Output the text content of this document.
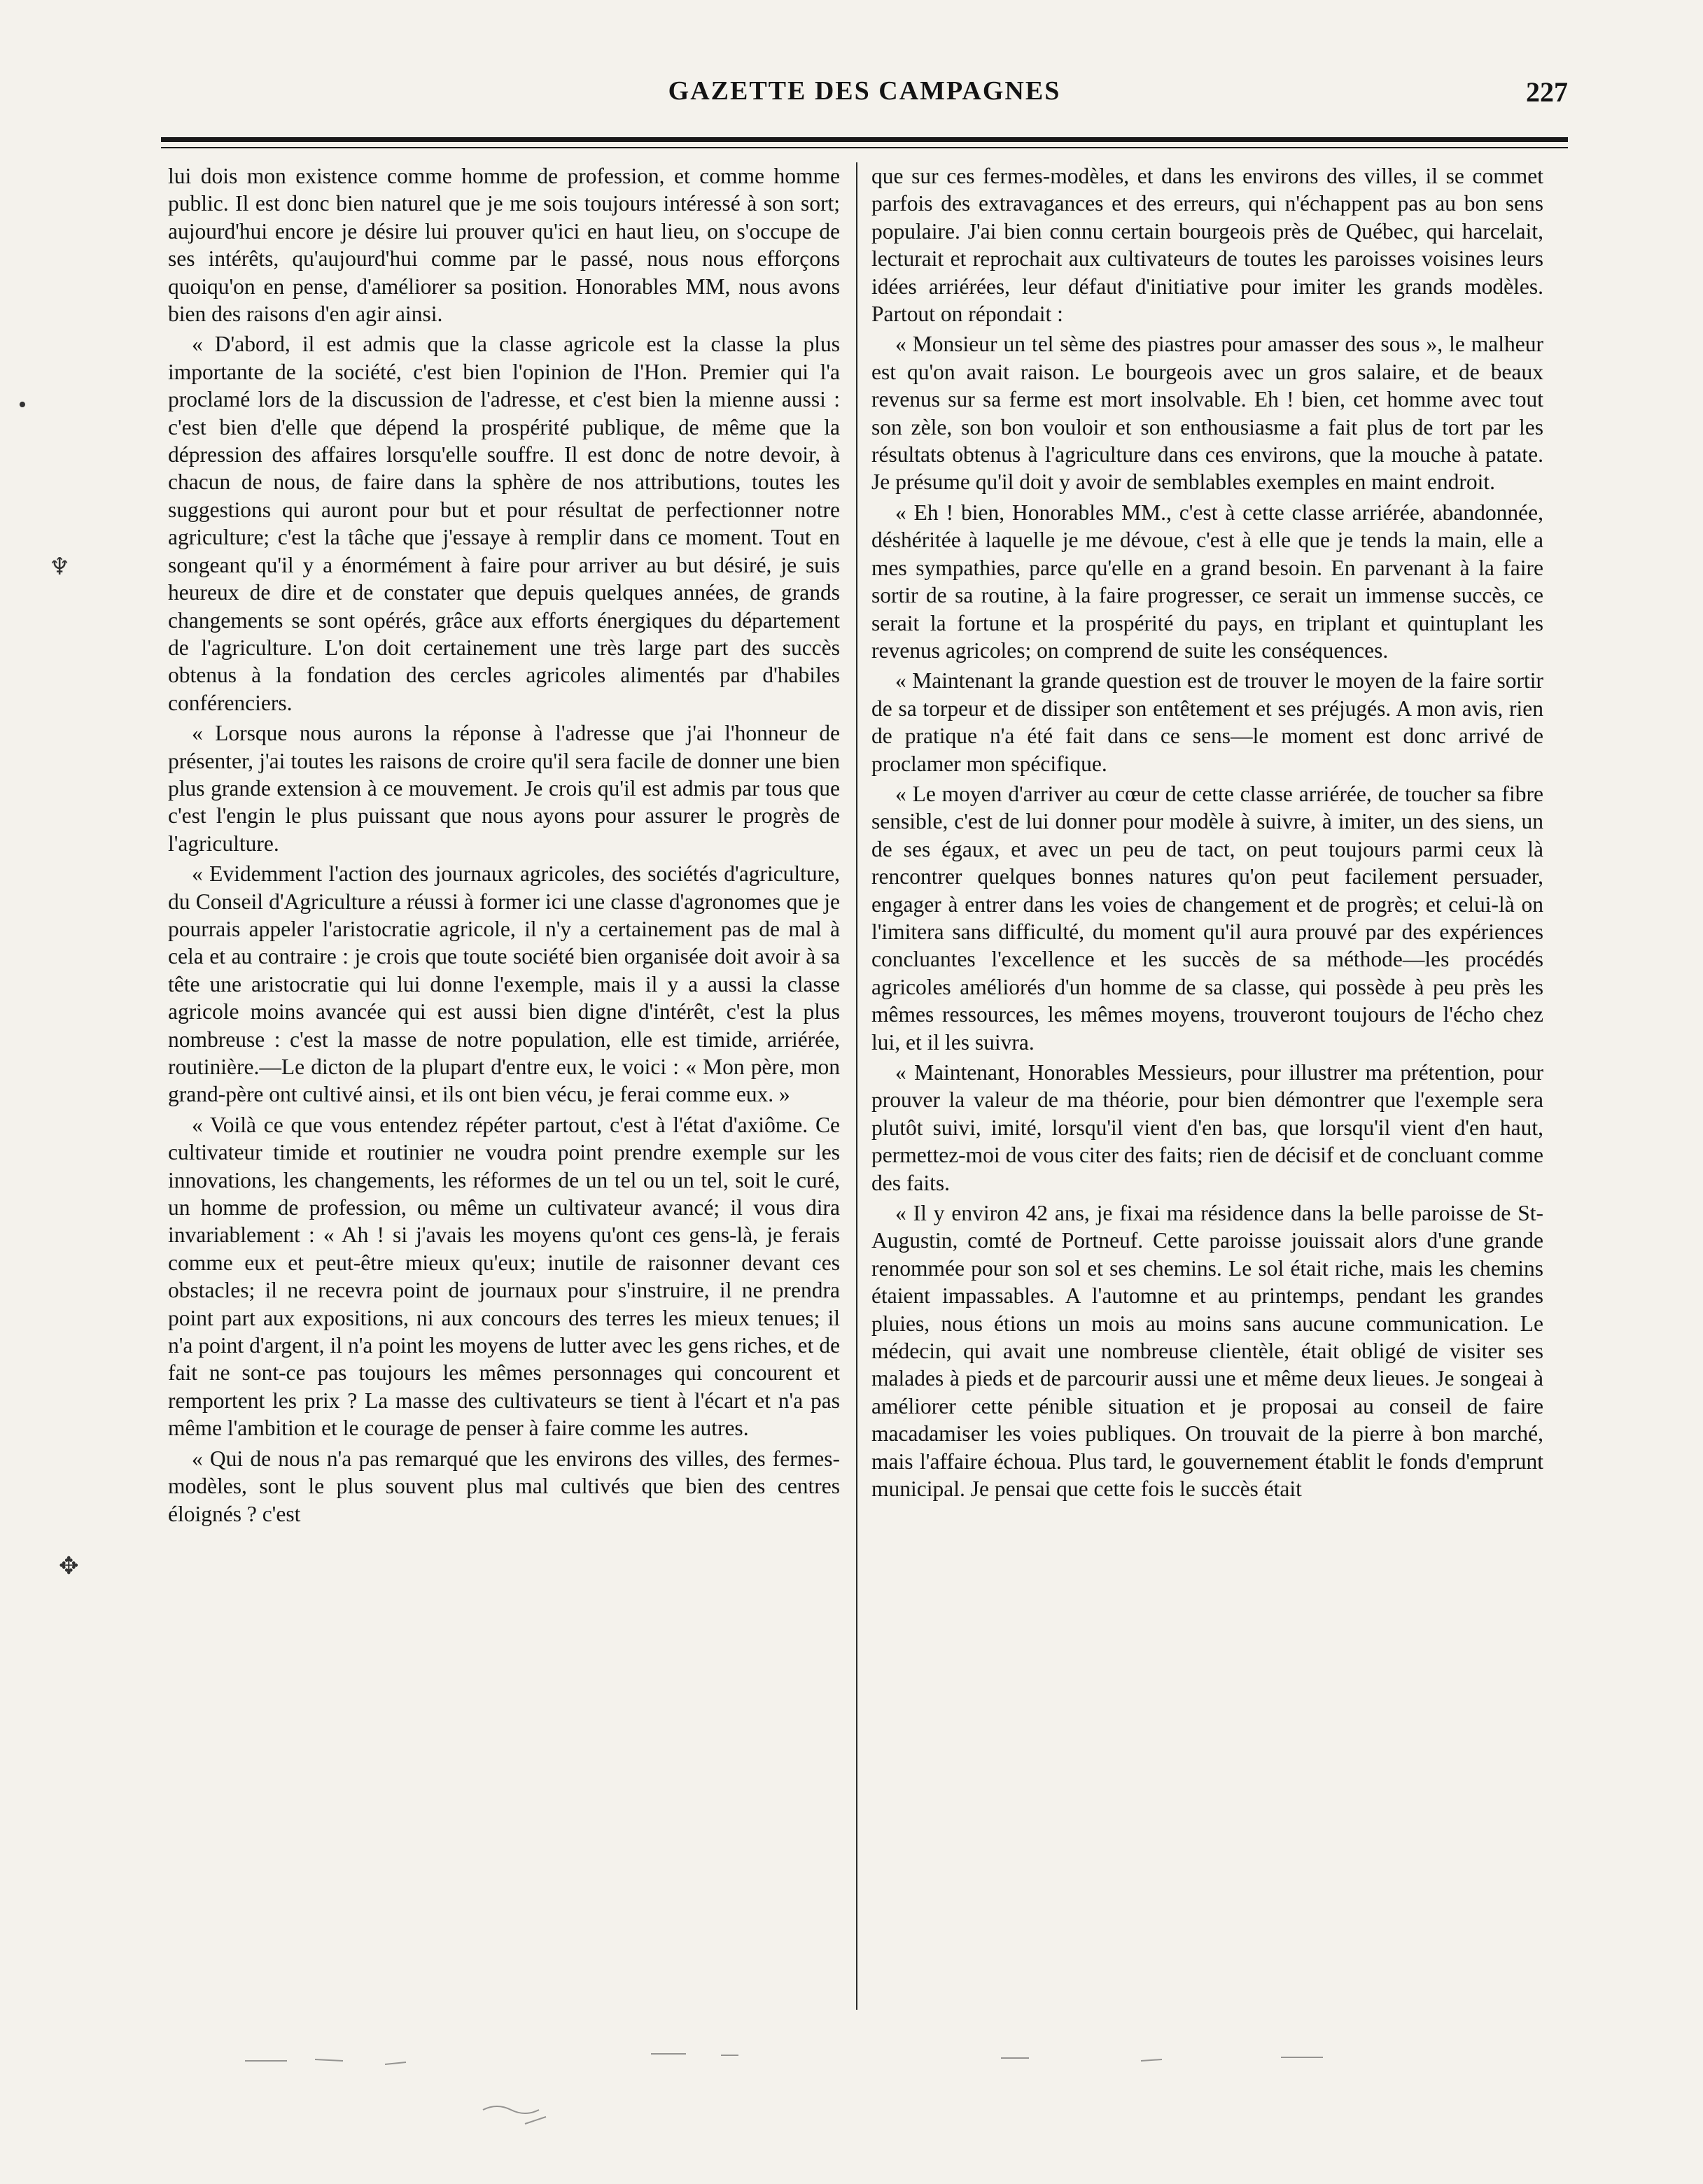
GAZETTE DES CAMPAGNES	227

lui dois mon existence comme homme de profession, et comme homme public. Il est donc bien naturel que je me sois toujours intéressé à son sort; aujourd'hui encore je désire lui prouver qu'ici en haut lieu, on s'occupe de ses intérêts, qu'aujourd'hui comme par le passé, nous nous efforçons quoiqu'on en pense, d'améliorer sa position. Honorables MM, nous avons bien des raisons d'en agir ainsi.

« D'abord, il est admis que la classe agricole est la classe la plus importante de la société, c'est bien l'opinion de l'Hon. Premier qui l'a proclamé lors de la discussion de l'adresse, et c'est bien la mienne aussi : c'est bien d'elle que dépend la prospérité publique, de même que la dépression des affaires lorsqu'elle souffre. Il est donc de notre devoir, à chacun de nous, de faire dans la sphère de nos attributions, toutes les suggestions qui auront pour but et pour résultat de perfectionner notre agriculture; c'est la tâche que j'essaye à remplir dans ce moment. Tout en songeant qu'il y a énormément à faire pour arriver au but désiré, je suis heureux de dire et de constater que depuis quelques années, de grands changements se sont opérés, grâce aux efforts énergiques du département de l'agriculture. L'on doit certainement une très large part des succès obtenus à la fondation des cercles agricoles alimentés par d'habiles conférenciers.

« Lorsque nous aurons la réponse à l'adresse que j'ai l'honneur de présenter, j'ai toutes les raisons de croire qu'il sera facile de donner une bien plus grande extension à ce mouvement. Je crois qu'il est admis par tous que c'est l'engin le plus puissant que nous ayons pour assurer le progrès de l'agriculture.

« Evidemment l'action des journaux agricoles, des sociétés d'agriculture, du Conseil d'Agriculture a réussi à former ici une classe d'agronomes que je pourrais appeler l'aristocratie agricole, il n'y a certainement pas de mal à cela et au contraire : je crois que toute société bien organisée doit avoir à sa tête une aristocratie qui lui donne l'exemple, mais il y a aussi la classe agricole moins avancée qui est aussi bien digne d'intérêt, c'est la plus nombreuse : c'est la masse de notre population, elle est timide, arriérée, routinière.—Le dicton de la plupart d'entre eux, le voici : « Mon père, mon grand-père ont cultivé ainsi, et ils ont bien vécu, je ferai comme eux. »

« Voilà ce que vous entendez répéter partout, c'est à l'état d'axiôme. Ce cultivateur timide et routinier ne voudra point prendre exemple sur les innovations, les changements, les réformes de un tel ou un tel, soit le curé, un homme de profession, ou même un cultivateur avancé; il vous dira invariablement : « Ah ! si j'avais les moyens qu'ont ces gens-là, je ferais comme eux et peut-être mieux qu'eux; inutile de raisonner devant ces obstacles; il ne recevra point de journaux pour s'instruire, il ne prendra point part aux expositions, ni aux concours des terres les mieux tenues; il n'a point d'argent, il n'a point les moyens de lutter avec les gens riches, et de fait ne sont-ce pas toujours les mêmes personnages qui concourent et remportent les prix ? La masse des cultivateurs se tient à l'écart et n'a pas même l'ambition et le courage de penser à faire comme les autres.

« Qui de nous n'a pas remarqué que les environs des villes, des fermes-modèles, sont le plus souvent plus mal cultivés que bien des centres éloignés ? c'est

que sur ces fermes-modèles, et dans les environs des villes, il se commet parfois des extravagances et des erreurs, qui n'échappent pas au bon sens populaire. J'ai bien connu certain bourgeois près de Québec, qui harcelait, lecturait et reprochait aux cultivateurs de toutes les paroisses voisines leurs idées arriérées, leur défaut d'initiative pour imiter les grands modèles. Partout on répondait :

« Monsieur un tel sème des piastres pour amasser des sous », le malheur est qu'on avait raison. Le bourgeois avec un gros salaire, et de beaux revenus sur sa ferme est mort insolvable. Eh ! bien, cet homme avec tout son zèle, son bon vouloir et son enthousiasme a fait plus de tort par les résultats obtenus à l'agriculture dans ces environs, que la mouche à patate. Je présume qu'il doit y avoir de semblables exemples en maint endroit.

« Eh ! bien, Honorables MM., c'est à cette classe arriérée, abandonnée, déshéritée à laquelle je me dévoue, c'est à elle que je tends la main, elle a mes sympathies, parce qu'elle en a grand besoin. En parvenant à la faire sortir de sa routine, à la faire progresser, ce serait un immense succès, ce serait la fortune et la prospérité du pays, en triplant et quintuplant les revenus agricoles; on comprend de suite les conséquences.

« Maintenant la grande question est de trouver le moyen de la faire sortir de sa torpeur et de dissiper son entêtement et ses préjugés. A mon avis, rien de pratique n'a été fait dans ce sens—le moment est donc arrivé de proclamer mon spécifique.

« Le moyen d'arriver au cœur de cette classe arriérée, de toucher sa fibre sensible, c'est de lui donner pour modèle à suivre, à imiter, un des siens, un de ses égaux, et avec un peu de tact, on peut toujours parmi ceux là rencontrer quelques bonnes natures qu'on peut facilement persuader, engager à entrer dans les voies de changement et de progrès; et celui-là on l'imitera sans difficulté, du moment qu'il aura prouvé par des expériences concluantes l'excellence et les succès de sa méthode—les procédés agricoles améliorés d'un homme de sa classe, qui possède à peu près les mêmes ressources, les mêmes moyens, trouveront toujours de l'écho chez lui, et il les suivra.

« Maintenant, Honorables Messieurs, pour illustrer ma prétention, pour prouver la valeur de ma théorie, pour bien démontrer que l'exemple sera plutôt suivi, imité, lorsqu'il vient d'en bas, que lorsqu'il vient d'en haut, permettez-moi de vous citer des faits; rien de décisif et de concluant comme des faits.

« Il y environ 42 ans, je fixai ma résidence dans la belle paroisse de St-Augustin, comté de Portneuf. Cette paroisse jouissait alors d'une grande renommée pour son sol et ses chemins. Le sol était riche, mais les chemins étaient impassables. A l'automne et au printemps, pendant les grandes pluies, nous étions un mois au moins sans aucune communication. Le médecin, qui avait une nombreuse clientèle, était obligé de visiter ses malades à pieds et de parcourir aussi une et même deux lieues. Je songeai à améliorer cette pénible situation et je proposai au conseil de faire macadamiser les voies publiques. On trouvait de la pierre à bon marché, mais l'affaire échoua. Plus tard, le gouvernement établit le fonds d'emprunt municipal. Je pensai que cette fois le succès était

•
♆
✥
